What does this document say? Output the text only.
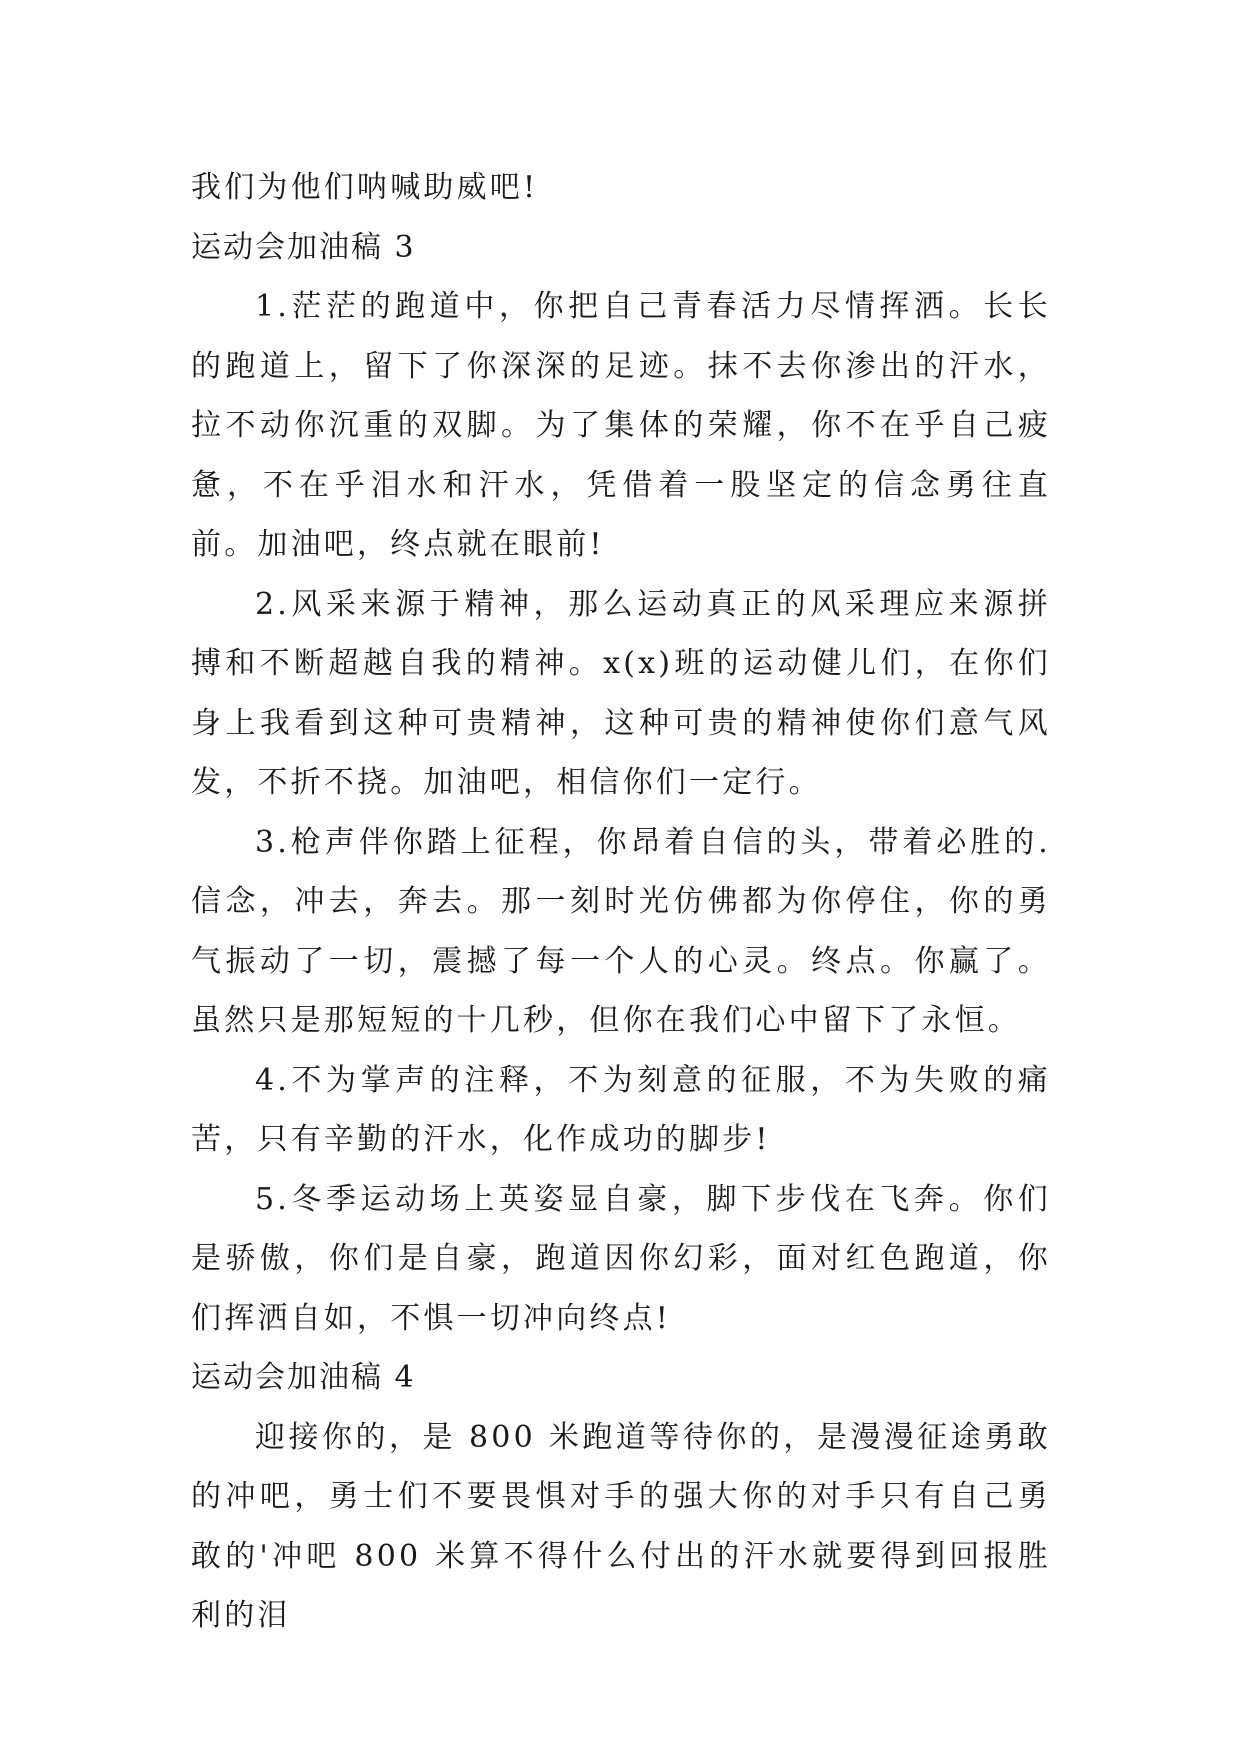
我们为他们呐喊助威吧!
运动会加油稿 3

1.茫茫的跑道中，你把自己青春活力尽情挥洒。长长的跑道上，留下了你深深的足迹。抹不去你渗出的汗水，拉不动你沉重的双脚。为了集体的荣耀，你不在乎自己疲惫，不在乎泪水和汗水，凭借着一股坚定的信念勇往直前。加油吧，终点就在眼前!

2.风采来源于精神，那么运动真正的风采理应来源拼搏和不断超越自我的精神。x(x)班的运动健儿们，在你们身上我看到这种可贵精神，这种可贵的精神使你们意气风发，不折不挠。加油吧，相信你们一定行。

3.枪声伴你踏上征程，你昂着自信的头，带着必胜的.信念，冲去，奔去。那一刻时光仿佛都为你停住，你的勇气振动了一切，震撼了每一个人的心灵。终点。你赢了。虽然只是那短短的十几秒，但你在我们心中留下了永恒。

4.不为掌声的注释，不为刻意的征服，不为失败的痛苦，只有辛勤的汗水，化作成功的脚步!

5.冬季运动场上英姿显自豪，脚下步伐在飞奔。你们是骄傲，你们是自豪，跑道因你幻彩，面对红色跑道，你们挥洒自如，不惧一切冲向终点!

运动会加油稿 4

迎接你的，是 800 米跑道等待你的，是漫漫征途勇敢的冲吧，勇士们不要畏惧对手的强大你的对手只有自己勇敢的'冲吧 800 米算不得什么付出的汗水就要得到回报胜利的泪
